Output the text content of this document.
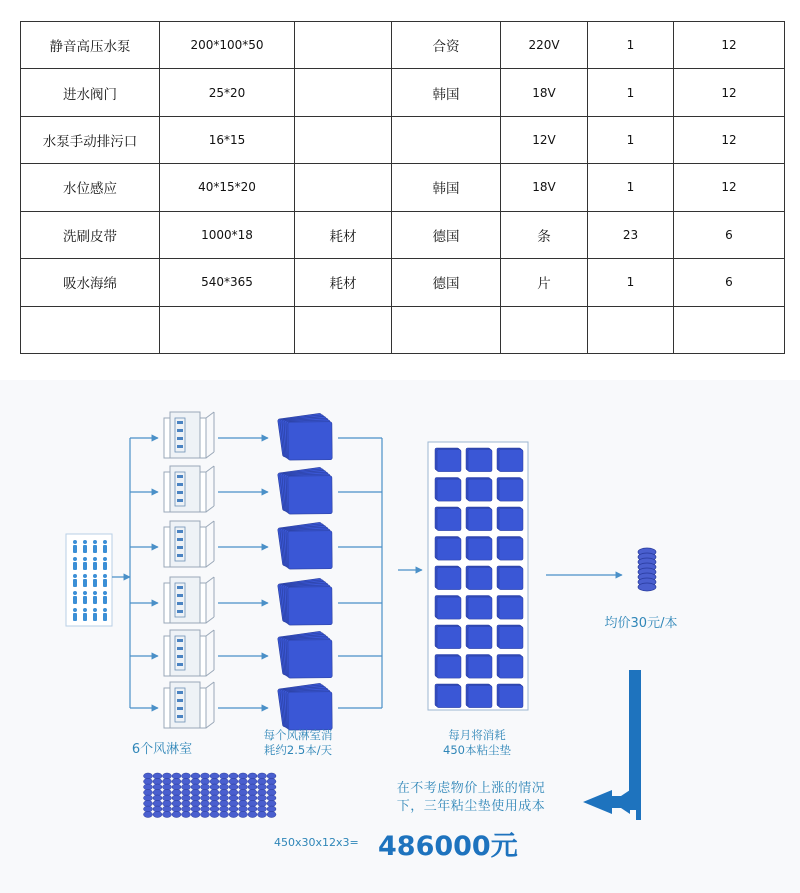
静音高压水泵	200*100*50		合资	220V	1	12
进水阀门	25*20		韩国	18V	1	12
水泵手动排污口	16*15			12V	1	12
水位感应	40*15*20		韩国	18V	1	12
洗刷皮带	1000*18	耗材	德国	条	23	6
吸水海绵	540*365	耗材	德国	片	1	6

6个风淋室
每个风淋室消
耗约2.5本/天
每月将消耗
450本粘尘垫
均价30元/本
在不考虑物价上涨的情况
下，三年粘尘垫使用成本
450x30x12x3= 486000元
